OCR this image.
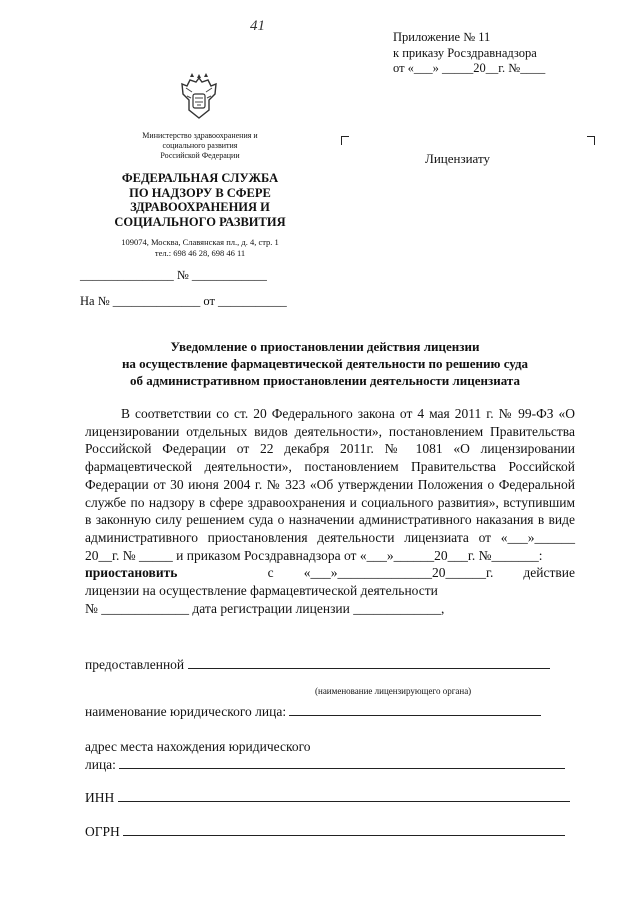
41
Приложение № 11
к приказу Росздравнадзора
от «___» _____20__г. №____
Министерство здравоохранения и
социального развития
Российской Федерации
ФЕДЕРАЛЬНАЯ СЛУЖБА
ПО НАДЗОРУ В СФЕРЕ
ЗДРАВООХРАНЕНИЯ И
СОЦИАЛЬНОГО РАЗВИТИЯ
109074, Москва, Славянская пл., д. 4, стр. 1
тел.: 698 46 28, 698 46 11
Лицензиату
_______________ № ____________
На № ______________ от ___________
Уведомление о приостановлении действия лицензии
на осуществление фармацевтической деятельности по решению суда
об административном приостановлении деятельности лицензиата

В соответствии со ст. 20 Федерального закона от 4 мая 2011 г. № 99-ФЗ «О лицензировании отдельных видов деятельности», постановлением Правительства Российской Федерации от 22 декабря 2011г. № 1081 «О лицензировании фармацевтической деятельности», постановлением Правительства Российской Федерации от 30 июня 2004 г. № 323 «Об утверждении Положения о Федеральной службе по надзору в сфере здравоохранения и социального развития», вступившим в законную силу решением суда о назначении административного наказания в виде административного приостановления деятельности лицензиата от «___»______ 20__г. № _____ и приказом Росздравнадзора от «___»______20___г. №_______:

приостановить	с «___»______________20______г. действие
лицензии на осуществление фармацевтической деятельности
№ _____________ дата регистрации лицензии _____________,
предоставленной
(наименование лицензирующего органа)
наименование юридического лица:
адрес места нахождения юридического
лица:
ИНН
ОГРН
